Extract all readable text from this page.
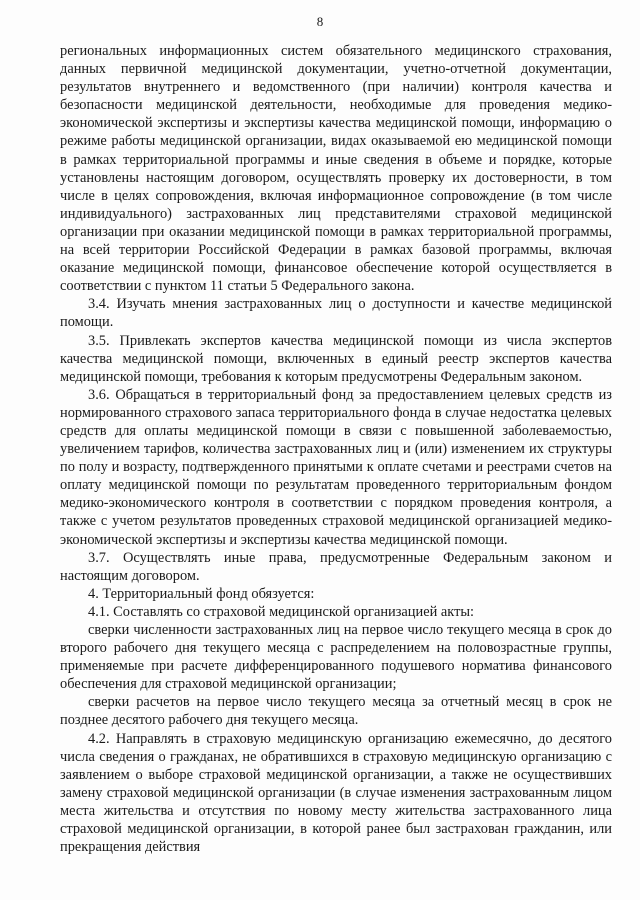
8

региональных информационных систем обязательного медицинского страхования, данных первичной медицинской документации, учетно-отчетной документации, результатов внутреннего и ведомственного (при наличии) контроля качества и безопасности медицинской деятельности, необходимые для проведения медико-экономической экспертизы и экспертизы качества медицинской помощи, информацию о режиме работы медицинской организации, видах оказываемой ею медицинской помощи в рамках территориальной программы и иные сведения в объеме и порядке, которые установлены настоящим договором, осуществлять проверку их достоверности, в том числе в целях сопровождения, включая информационное сопровождение (в том числе индивидуального) застрахованных лиц представителями страховой медицинской организации при оказании медицинской помощи в рамках территориальной программы, на всей территории Российской Федерации в рамках базовой программы, включая оказание медицинской помощи, финансовое обеспечение которой осуществляется в соответствии с пунктом 11 статьи 5 Федерального закона.

3.4. Изучать мнения застрахованных лиц о доступности и качестве медицинской помощи.

3.5. Привлекать экспертов качества медицинской помощи из числа экспертов качества медицинской помощи, включенных в единый реестр экспертов качества медицинской помощи, требования к которым предусмотрены Федеральным законом.

3.6. Обращаться в территориальный фонд за предоставлением целевых средств из нормированного страхового запаса территориального фонда в случае недостатка целевых средств для оплаты медицинской помощи в связи с повышенной заболеваемостью, увеличением тарифов, количества застрахованных лиц и (или) изменением их структуры по полу и возрасту, подтвержденного принятыми к оплате счетами и реестрами счетов на оплату медицинской помощи по результатам проведенного территориальным фондом медико-экономического контроля в соответствии с порядком проведения контроля, а также с учетом результатов проведенных страховой медицинской организацией медико-экономической экспертизы и экспертизы качества медицинской помощи.

3.7. Осуществлять иные права, предусмотренные Федеральным законом и настоящим договором.

4. Территориальный фонд обязуется:

4.1. Составлять со страховой медицинской организацией акты:

сверки численности застрахованных лиц на первое число текущего месяца в срок до второго рабочего дня текущего месяца с распределением на половозрастные группы, применяемые при расчете дифференцированного подушевого норматива финансового обеспечения для страховой медицинской организации;

сверки расчетов на первое число текущего месяца за отчетный месяц в срок не позднее десятого рабочего дня текущего месяца.

4.2. Направлять в страховую медицинскую организацию ежемесячно, до десятого числа сведения о гражданах, не обратившихся в страховую медицинскую организацию с заявлением о выборе страховой медицинской организации, а также не осуществивших замену страховой медицинской организации (в случае изменения застрахованным лицом места жительства и отсутствия по новому месту жительства застрахованного лица страховой медицинской организации, в которой ранее был застрахован гражданин, или прекращения действия
